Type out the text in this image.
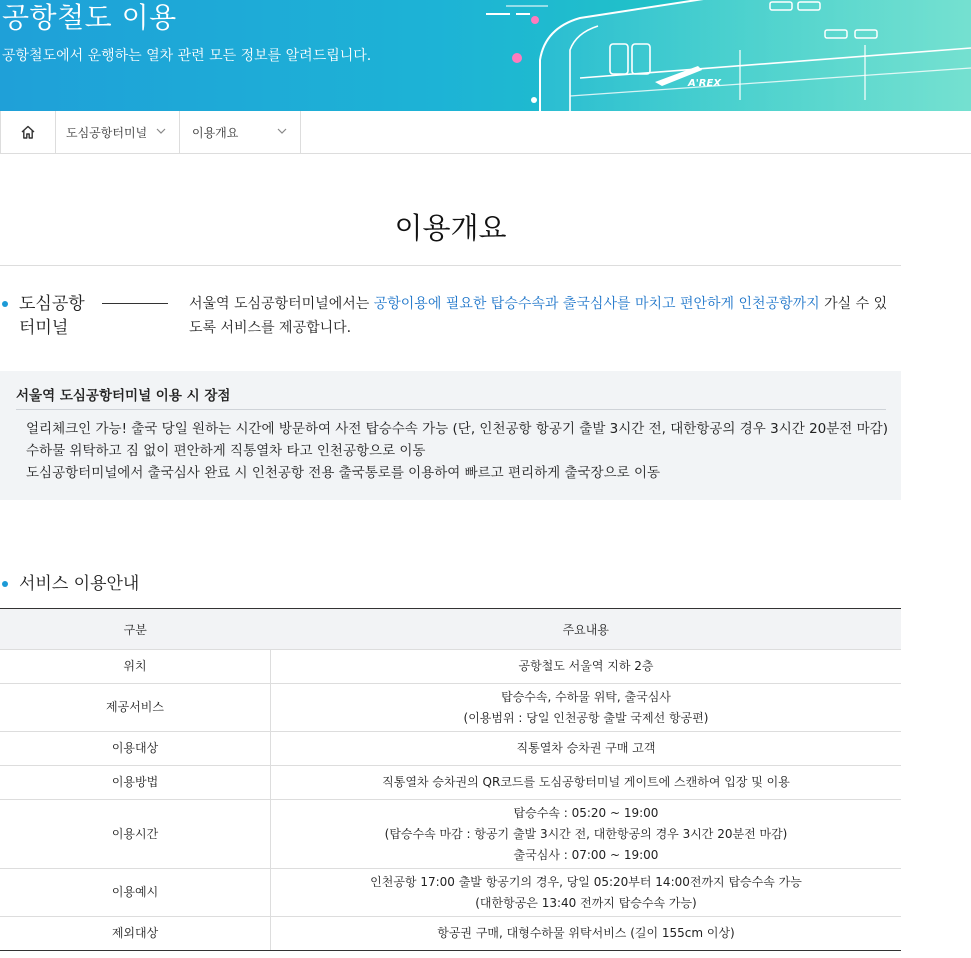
공항철도 이용
공항철도에서 운행하는 열차 관련 모든 정보를 알려드립니다.
A'REX
도심공항터미널	이용개요
이용개요
도심공항
터미널
서울역 도심공항터미널에서는 공항이용에 필요한 탑승수속과 출국심사를 마치고 편안하게 인천공항까지 가실 수 있도록 서비스를 제공합니다.
서울역 도심공항터미널 이용 시 장점
얼리체크인 가능! 출국 당일 원하는 시간에 방문하여 사전 탑승수속 가능 (단, 인천공항 항공기 출발 3시간 전, 대한항공의 경우 3시간 20분전 마감)
수하물 위탁하고 짐 없이 편안하게 직통열차 타고 인천공항으로 이동
도심공항터미널에서 출국심사 완료 시 인천공항 전용 출국통로를 이용하여 빠르고 편리하게 출국장으로 이동
서비스 이용안내
구분	주요내용
위치	공항철도 서울역 지하 2층

제공서비스	탑승수속, 수하물 위탁, 출국심사
(이용범위 : 당일 인천공항 출발 국제선 항공편)

이용대상	직통열차 승차권 구매 고객

이용방법	직통열차 승차권의 QR코드를 도심공항터미널 게이트에 스캔하여 입장 및 이용

이용시간	탑승수속 : 05:20 ~ 19:00
(탑승수속 마감 : 항공기 출발 3시간 전, 대한항공의 경우 3시간 20분전 마감)
출국심사 : 07:00 ~ 19:00

이용예시	인천공항 17:00 출발 항공기의 경우, 당일 05:20부터 14:00전까지 탑승수속 가능
(대한항공은 13:40 전까지 탑승수속 가능)

제외대상	항공권 구매, 대형수하물 위탁서비스 (길이 155cm 이상)
